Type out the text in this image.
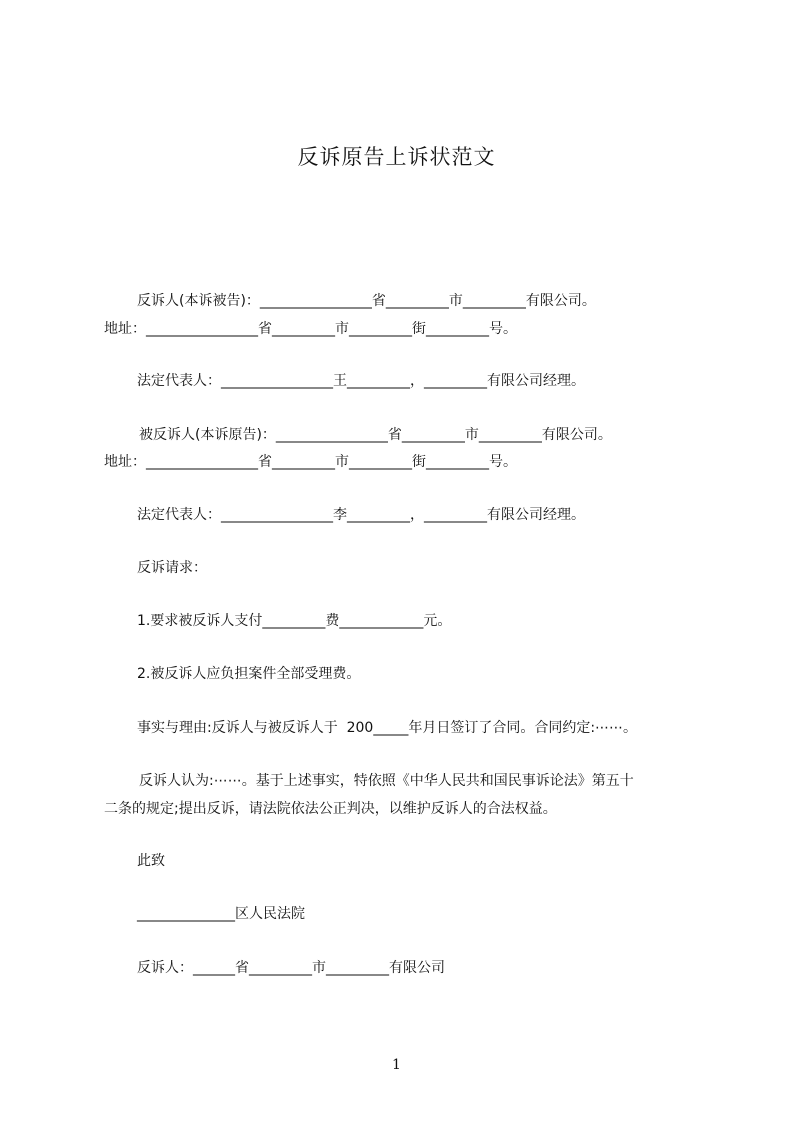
反诉原告上诉状范文
反诉人(本诉被告)：________________省_________市_________有限公司。
地址：________________省_________市_________街_________号。
法定代表人：________________王_________，_________有限公司经理。
被反诉人(本诉原告)：________________省_________市_________有限公司。
地址：________________省_________市_________街_________号。
法定代表人：________________李_________，_________有限公司经理。
反诉请求：
1.要求被反诉人支付_________费____________元。
2.被反诉人应负担案件全部受理费。
事实与理由:反诉人与被反诉人于  200_____年月日签订了合同。合同约定:⋯⋯。
反诉人认为:⋯⋯。基于上述事实，特依照《中华人民共和国民事诉论法》第五十
二条的规定;提出反诉，请法院依法公正判决，以维护反诉人的合法权益。
此致
______________区人民法院
反诉人：______省_________市_________有限公司
1
